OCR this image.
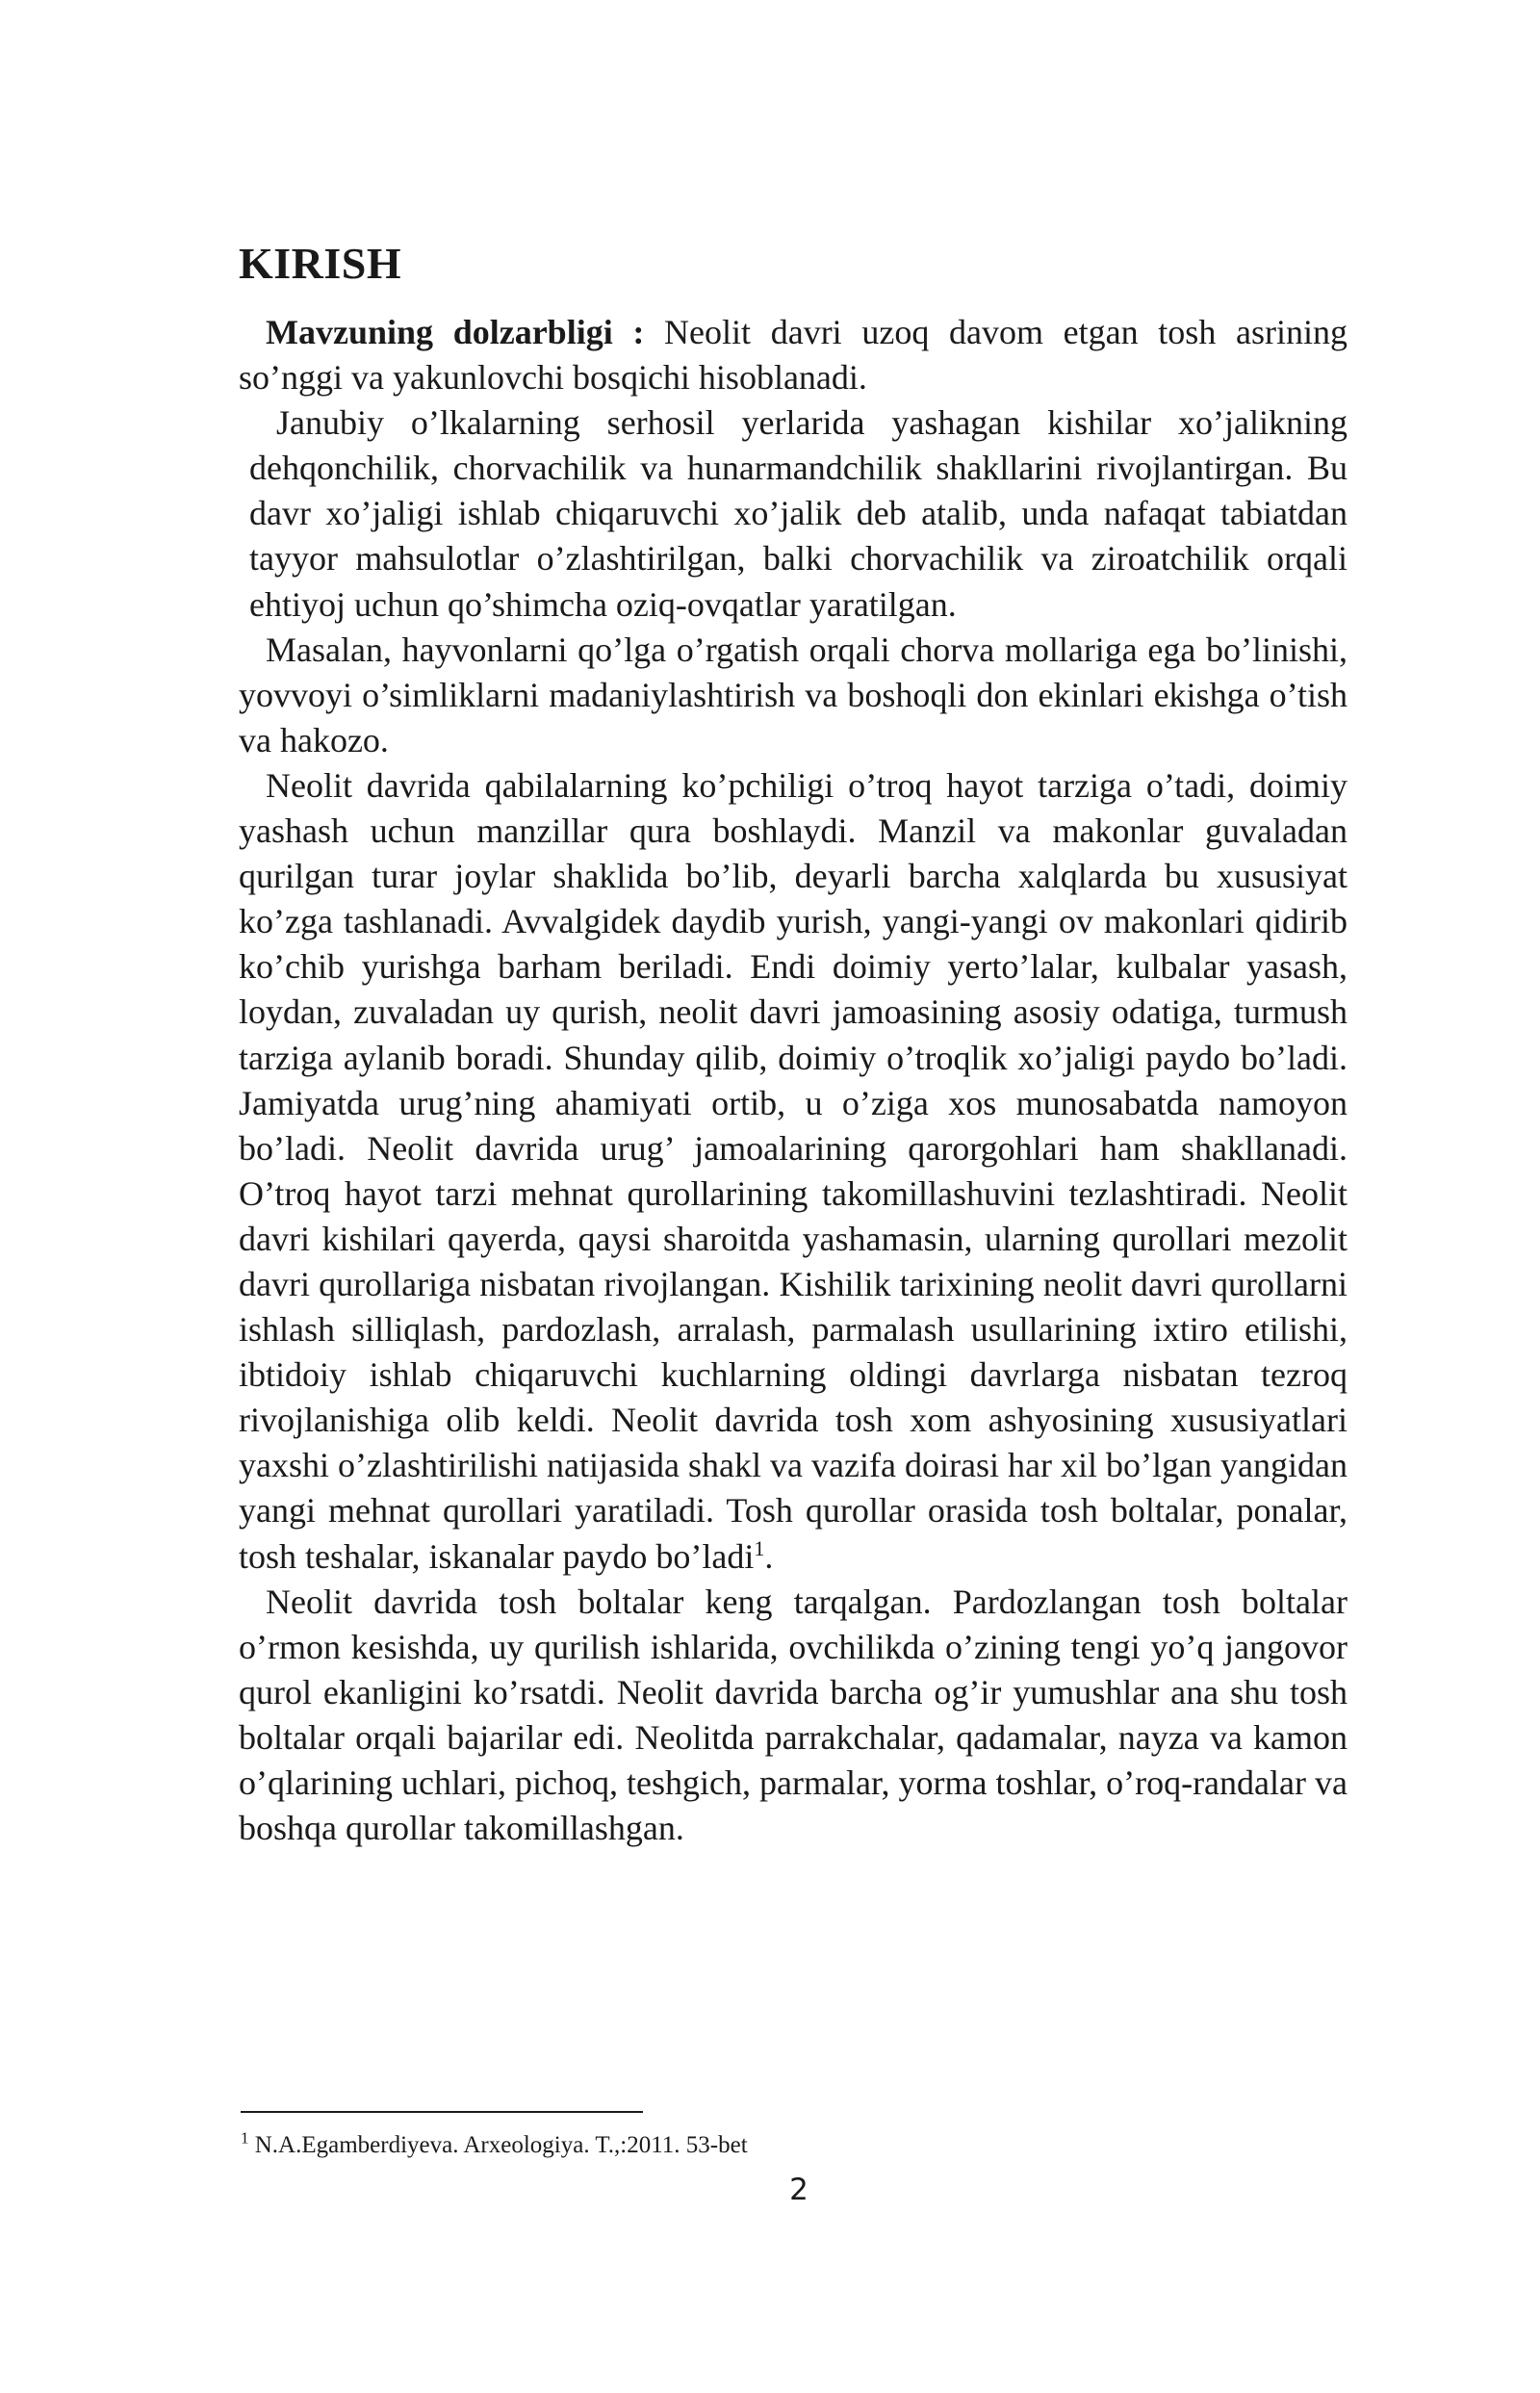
KIRISH

Mavzuning dolzarbligi : Neolit davri uzoq davom etgan tosh asrining so’nggi va yakunlovchi bosqichi hisoblanadi.

Janubiy o’lkalarning serhosil yerlarida yashagan kishilar xo’jalikning dehqonchilik, chorvachilik va hunarmandchilik shakllarini rivojlantirgan. Bu davr xo’jaligi ishlab chiqaruvchi xo’jalik deb atalib, unda nafaqat tabiatdan tayyor mahsulotlar o’zlashtirilgan, balki chorvachilik va ziroatchilik orqali ehtiyoj uchun qo’shimcha oziq-ovqatlar yaratilgan.

Masalan, hayvonlarni qo’lga o’rgatish orqali chorva mollariga ega bo’linishi, yovvoyi o’simliklarni madaniylashtirish va boshoqli don ekinlari ekishga o’tish va hakozo.

Neolit davrida qabilalarning ko’pchiligi o’troq hayot tarziga o’tadi, doimiy yashash uchun manzillar qura boshlaydi. Manzil va makonlar guvaladan qurilgan turar joylar shaklida bo’lib, deyarli barcha xalqlarda bu xususiyat ko’zga tashlanadi. Avvalgidek daydib yurish, yangi-yangi ov makonlari qidirib ko’chib yurishga barham beriladi. Endi doimiy yerto’lalar, kulbalar yasash, loydan, zuvaladan uy qurish, neolit davri jamoasining asosiy odatiga, turmush tarziga aylanib boradi. Shunday qilib, doimiy o’troqlik xo’jaligi paydo bo’ladi. Jamiyatda urug’ning ahamiyati ortib, u o’ziga xos munosabatda namoyon bo’ladi. Neolit davrida urug’ jamoalarining qarorgohlari ham shakllanadi. O’troq hayot tarzi mehnat qurollarining takomillashuvini tezlashtiradi. Neolit davri kishilari qayerda, qaysi sharoitda yashamasin, ularning qurollari mezolit davri qurollariga nisbatan rivojlangan. Kishilik tarixining neolit davri qurollarni ishlash silliqlash, pardozlash, arralash, parmalash usullarining ixtiro etilishi, ibtidoiy ishlab chiqaruvchi kuchlarning oldingi davrlarga nisbatan tezroq rivojlanishiga olib keldi. Neolit davrida tosh xom ashyosining xususiyatlari yaxshi o’zlashtirilishi natijasida shakl va vazifa doirasi har xil bo’lgan yangidan yangi mehnat qurollari yaratiladi. Tosh qurollar orasida tosh boltalar, ponalar, tosh teshalar, iskanalar paydo bo’ladi$^1$.

Neolit davrida tosh boltalar keng tarqalgan. Pardozlangan tosh boltalar o’rmon kesishda, uy qurilish ishlarida, ovchilikda o’zining tengi yo’q jangovor qurol ekanligini ko’rsatdi. Neolit davrida barcha og’ir yumushlar ana shu tosh boltalar orqali bajarilar edi. Neolitda parrakchalar, qadamalar, nayza va kamon o’qlarining uchlari, pichoq, teshgich, parmalar, yorma toshlar, o’roq-randalar va boshqa qurollar takomillashgan.

$^1$ N.A.Egamberdiyeva. Arxeologiya. T.,:2011. 53-bet

2
